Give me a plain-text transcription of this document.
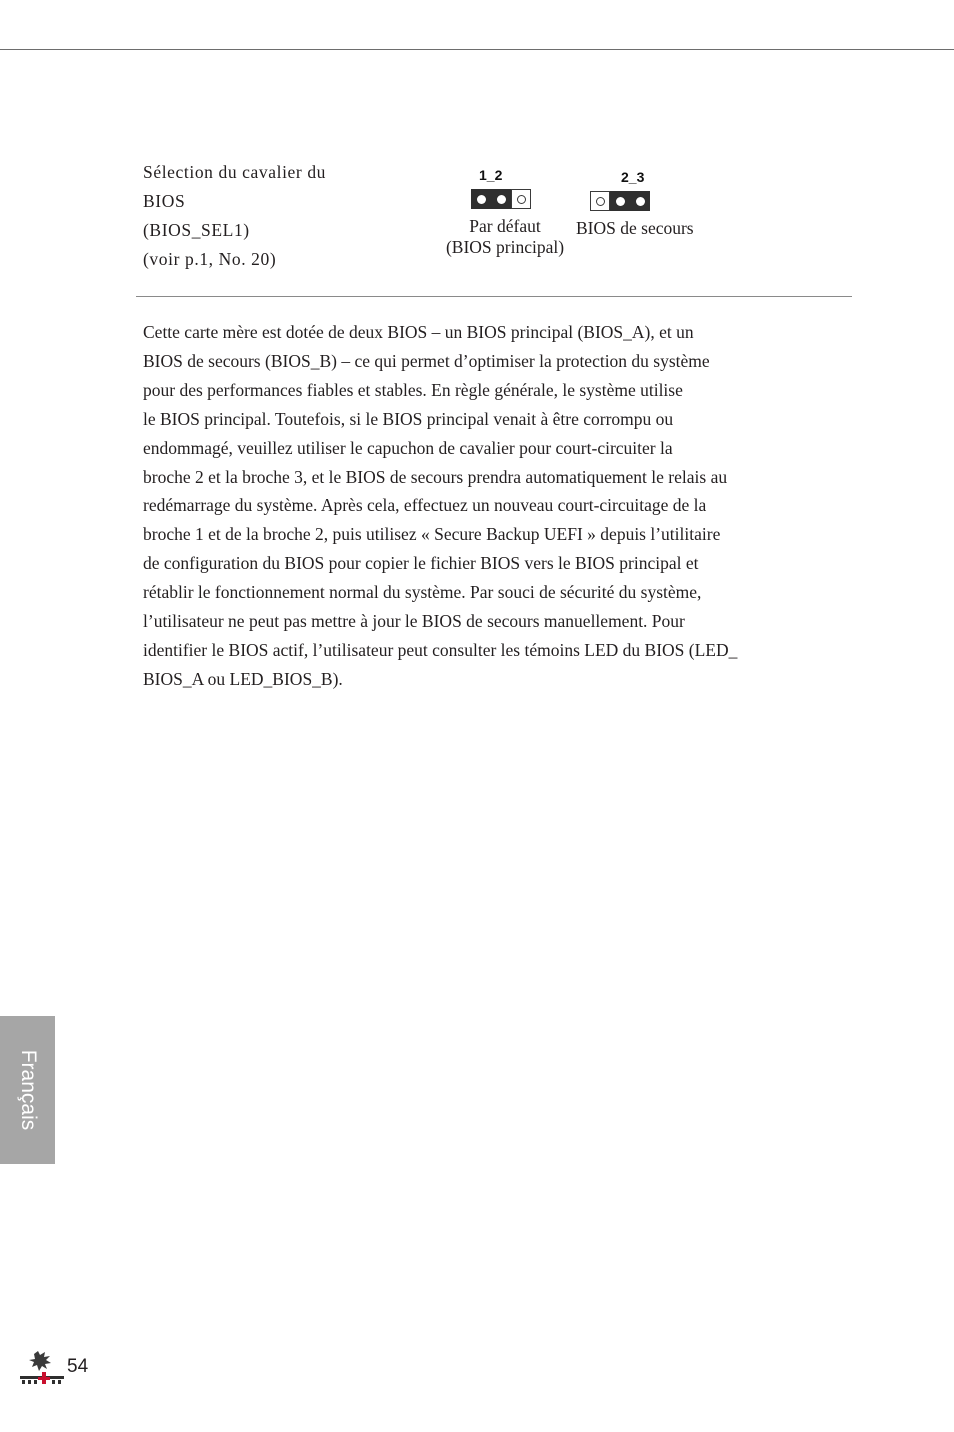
Sélection du cavalier du
BIOS
(BIOS_SEL1)
(voir p.1, No. 20)
1_2
Par défaut
(BIOS principal)
2_3
BIOS de secours
Cette carte mère est dotée de deux BIOS – un BIOS principal (BIOS_A), et un
BIOS de secours (BIOS_B) – ce qui permet d’optimiser la protection du système
pour des performances fiables et stables. En règle générale, le système utilise
le BIOS principal. Toutefois, si le BIOS principal venait à être corrompu ou
endommagé, veuillez utiliser le capuchon de cavalier pour court-circuiter la
broche 2 et la broche 3, et le BIOS de secours prendra automatiquement le relais au
redémarrage du système. Après cela, effectuez un nouveau court-circuitage de la
broche 1 et de la broche 2, puis utilisez « Secure Backup UEFI » depuis l’utilitaire
de configuration du BIOS pour copier le fichier BIOS vers le BIOS principal et
rétablir le fonctionnement normal du système. Par souci de sécurité du système,
l’utilisateur ne peut pas mettre à jour le BIOS de secours manuellement. Pour
identifier le BIOS actif, l’utilisateur peut consulter les témoins LED du BIOS (LED_
BIOS_A ou LED_BIOS_B).
Français
54
